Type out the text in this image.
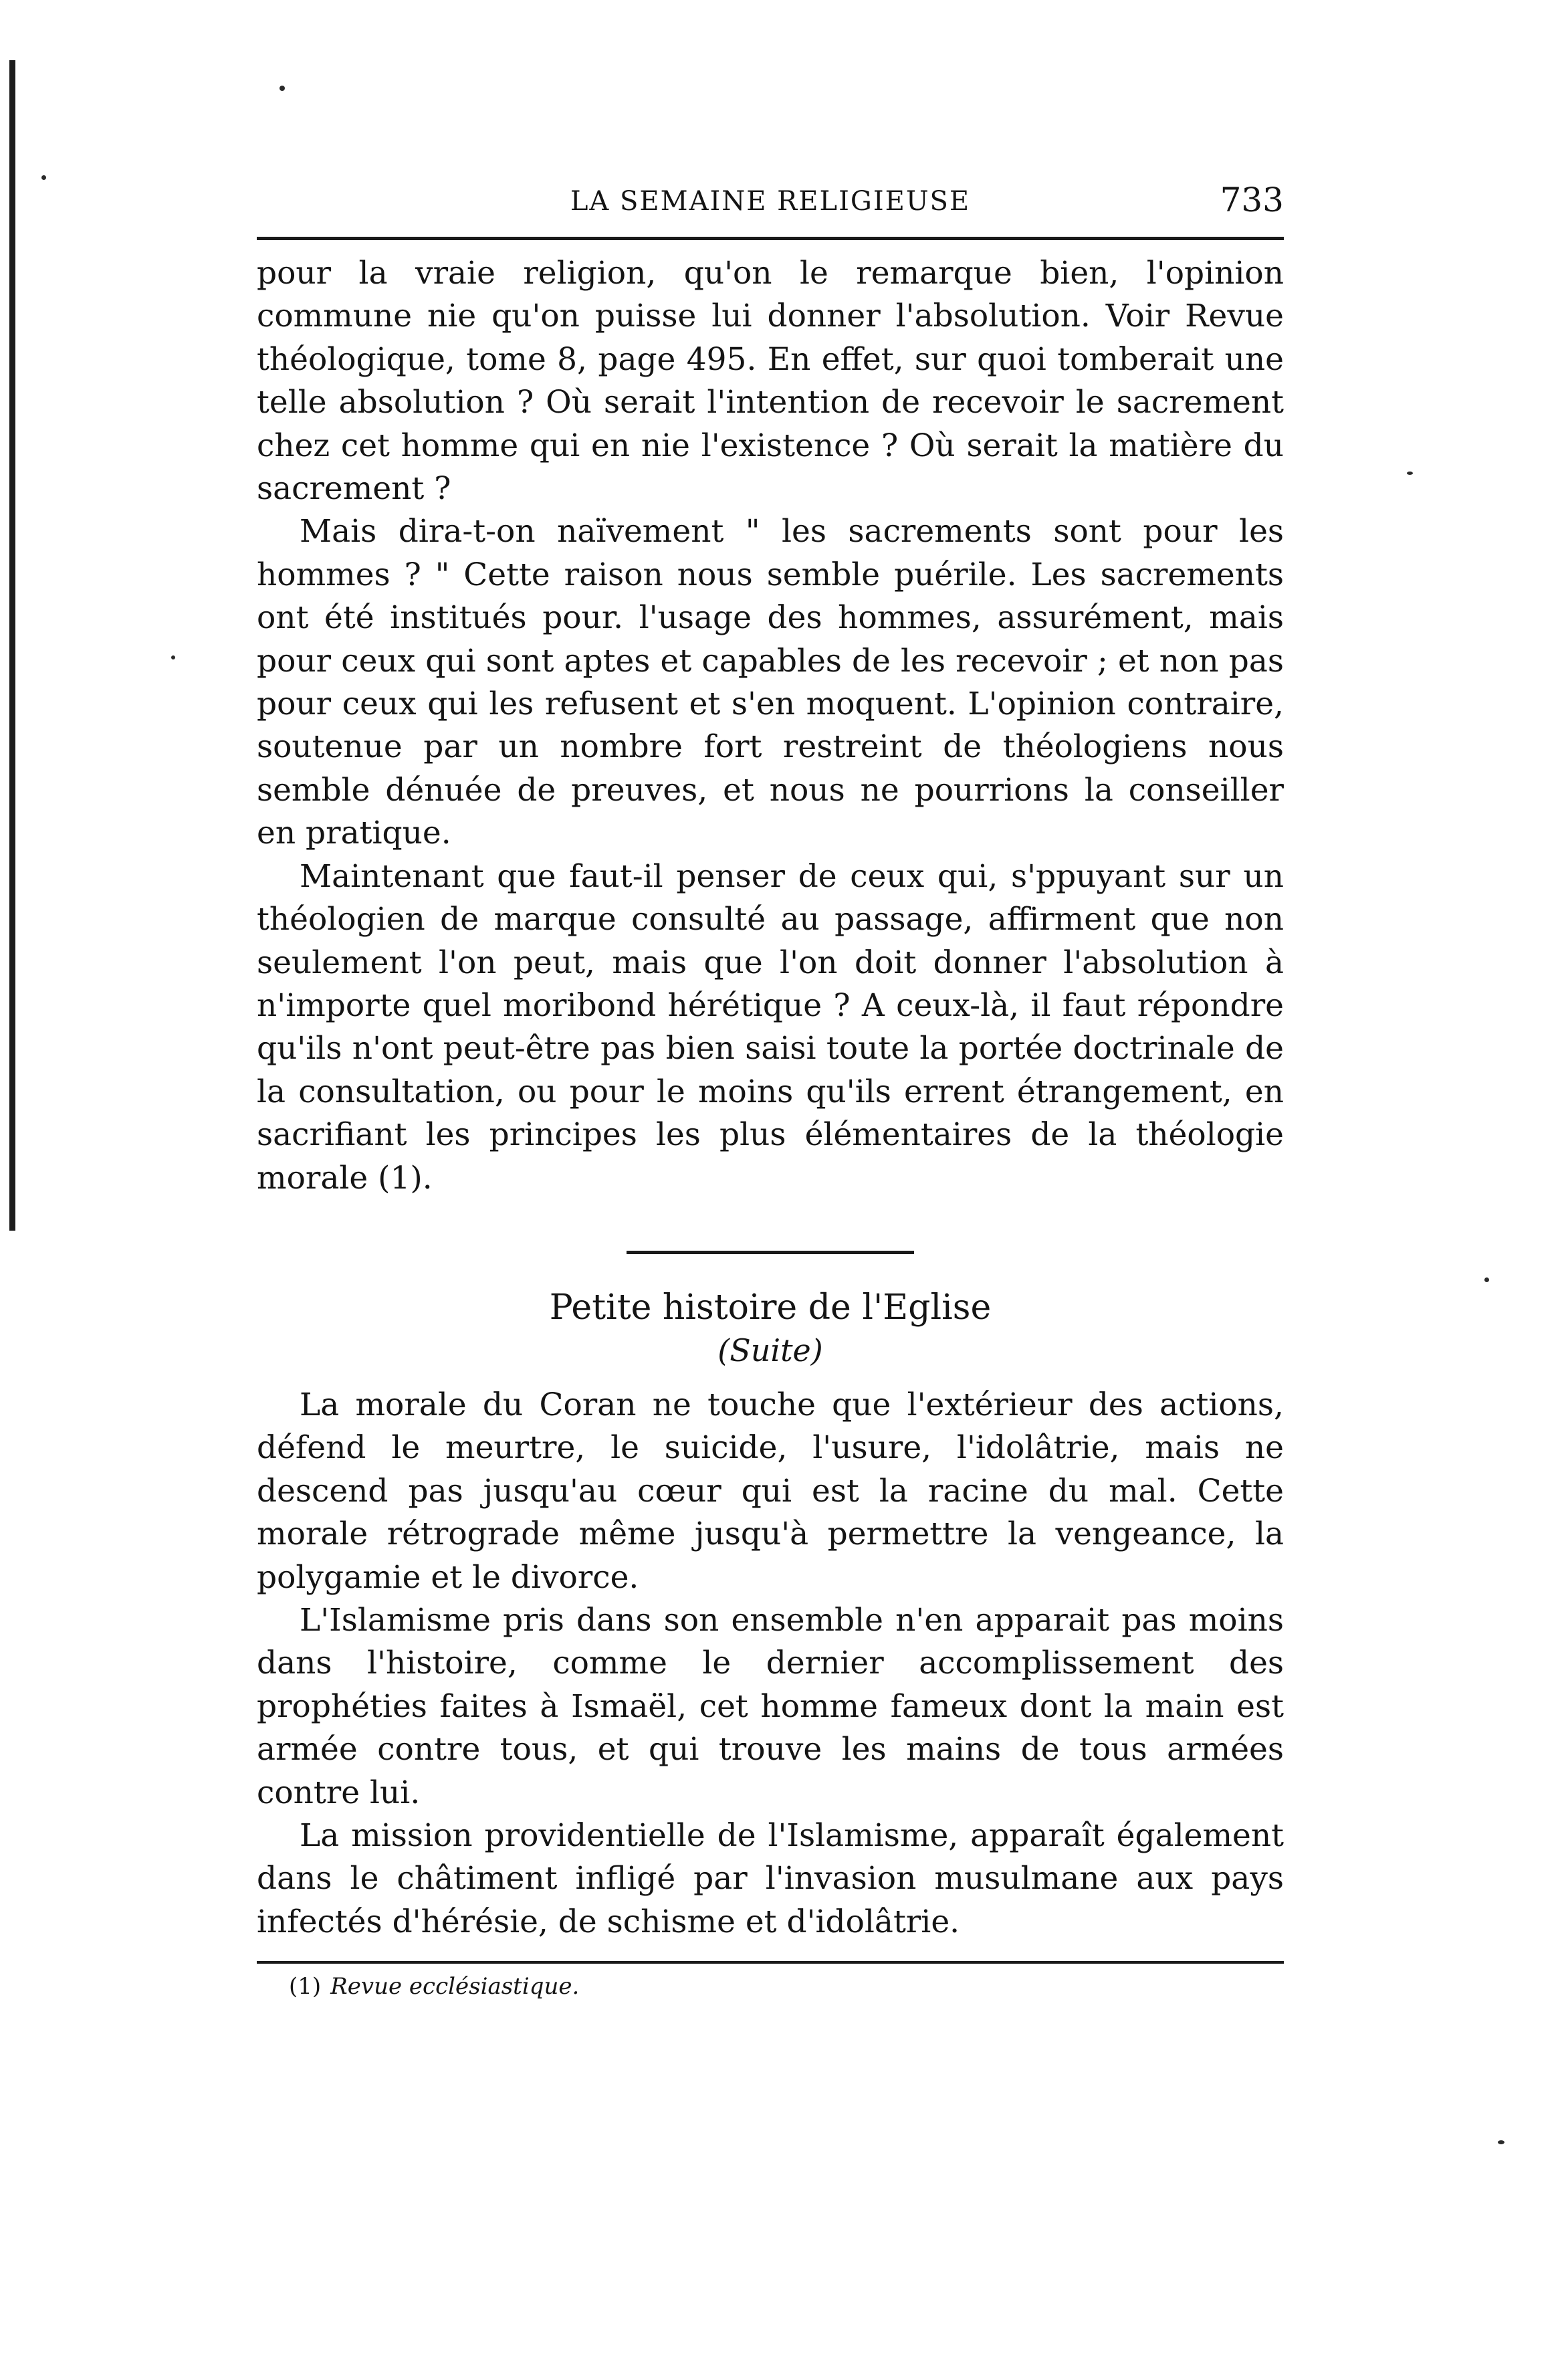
LA SEMAINE RELIGIEUSE	733

pour la vraie religion, qu'on le remarque bien, l'opinion commune nie qu'on puisse lui donner l'absolution. Voir Revue théologique, tome 8, page 495. En effet, sur quoi tomberait une telle absolution ? Où serait l'intention de recevoir le sacrement chez cet homme qui en nie l'existence ? Où serait la matière du sacrement ?

Mais dira-t-on naïvement " les sacrements sont pour les hommes ? " Cette raison nous semble puérile. Les sacrements ont été institués pour. l'usage des hommes, assurément, mais pour ceux qui sont aptes et capables de les recevoir ; et non pas pour ceux qui les refusent et s'en moquent. L'opinion contraire, soutenue par un nombre fort restreint de théologiens nous semble dénuée de preuves, et nous ne pourrions la conseiller en pratique.

Maintenant que faut-il penser de ceux qui, s'ppuyant sur un théologien de marque consulté au passage, affirment que non seulement l'on peut, mais que l'on doit donner l'absolution à n'importe quel moribond hérétique ? A ceux-là, il faut répondre qu'ils n'ont peut-être pas bien saisi toute la portée doctrinale de la consultation, ou pour le moins qu'ils errent étrangement, en sacrifiant les principes les plus élémentaires de la théologie morale (1).

Petite histoire de l'Eglise
(Suite)

La morale du Coran ne touche que l'extérieur des actions, défend le meurtre, le suicide, l'usure, l'idolâtrie, mais ne descend pas jusqu'au cœur qui est la racine du mal. Cette morale rétrograde même jusqu'à permettre la vengeance, la polygamie et le divorce.

L'Islamisme pris dans son ensemble n'en apparait pas moins dans l'histoire, comme le dernier accomplissement des prophéties faites à Ismaël, cet homme fameux dont la main est armée contre tous, et qui trouve les mains de tous armées contre lui.

La mission providentielle de l'Islamisme, apparaît également dans le châtiment infligé par l'invasion musulmane aux pays infectés d'hérésie, de schisme et d'idolâtrie.

(1) Revue ecclésiastique.
